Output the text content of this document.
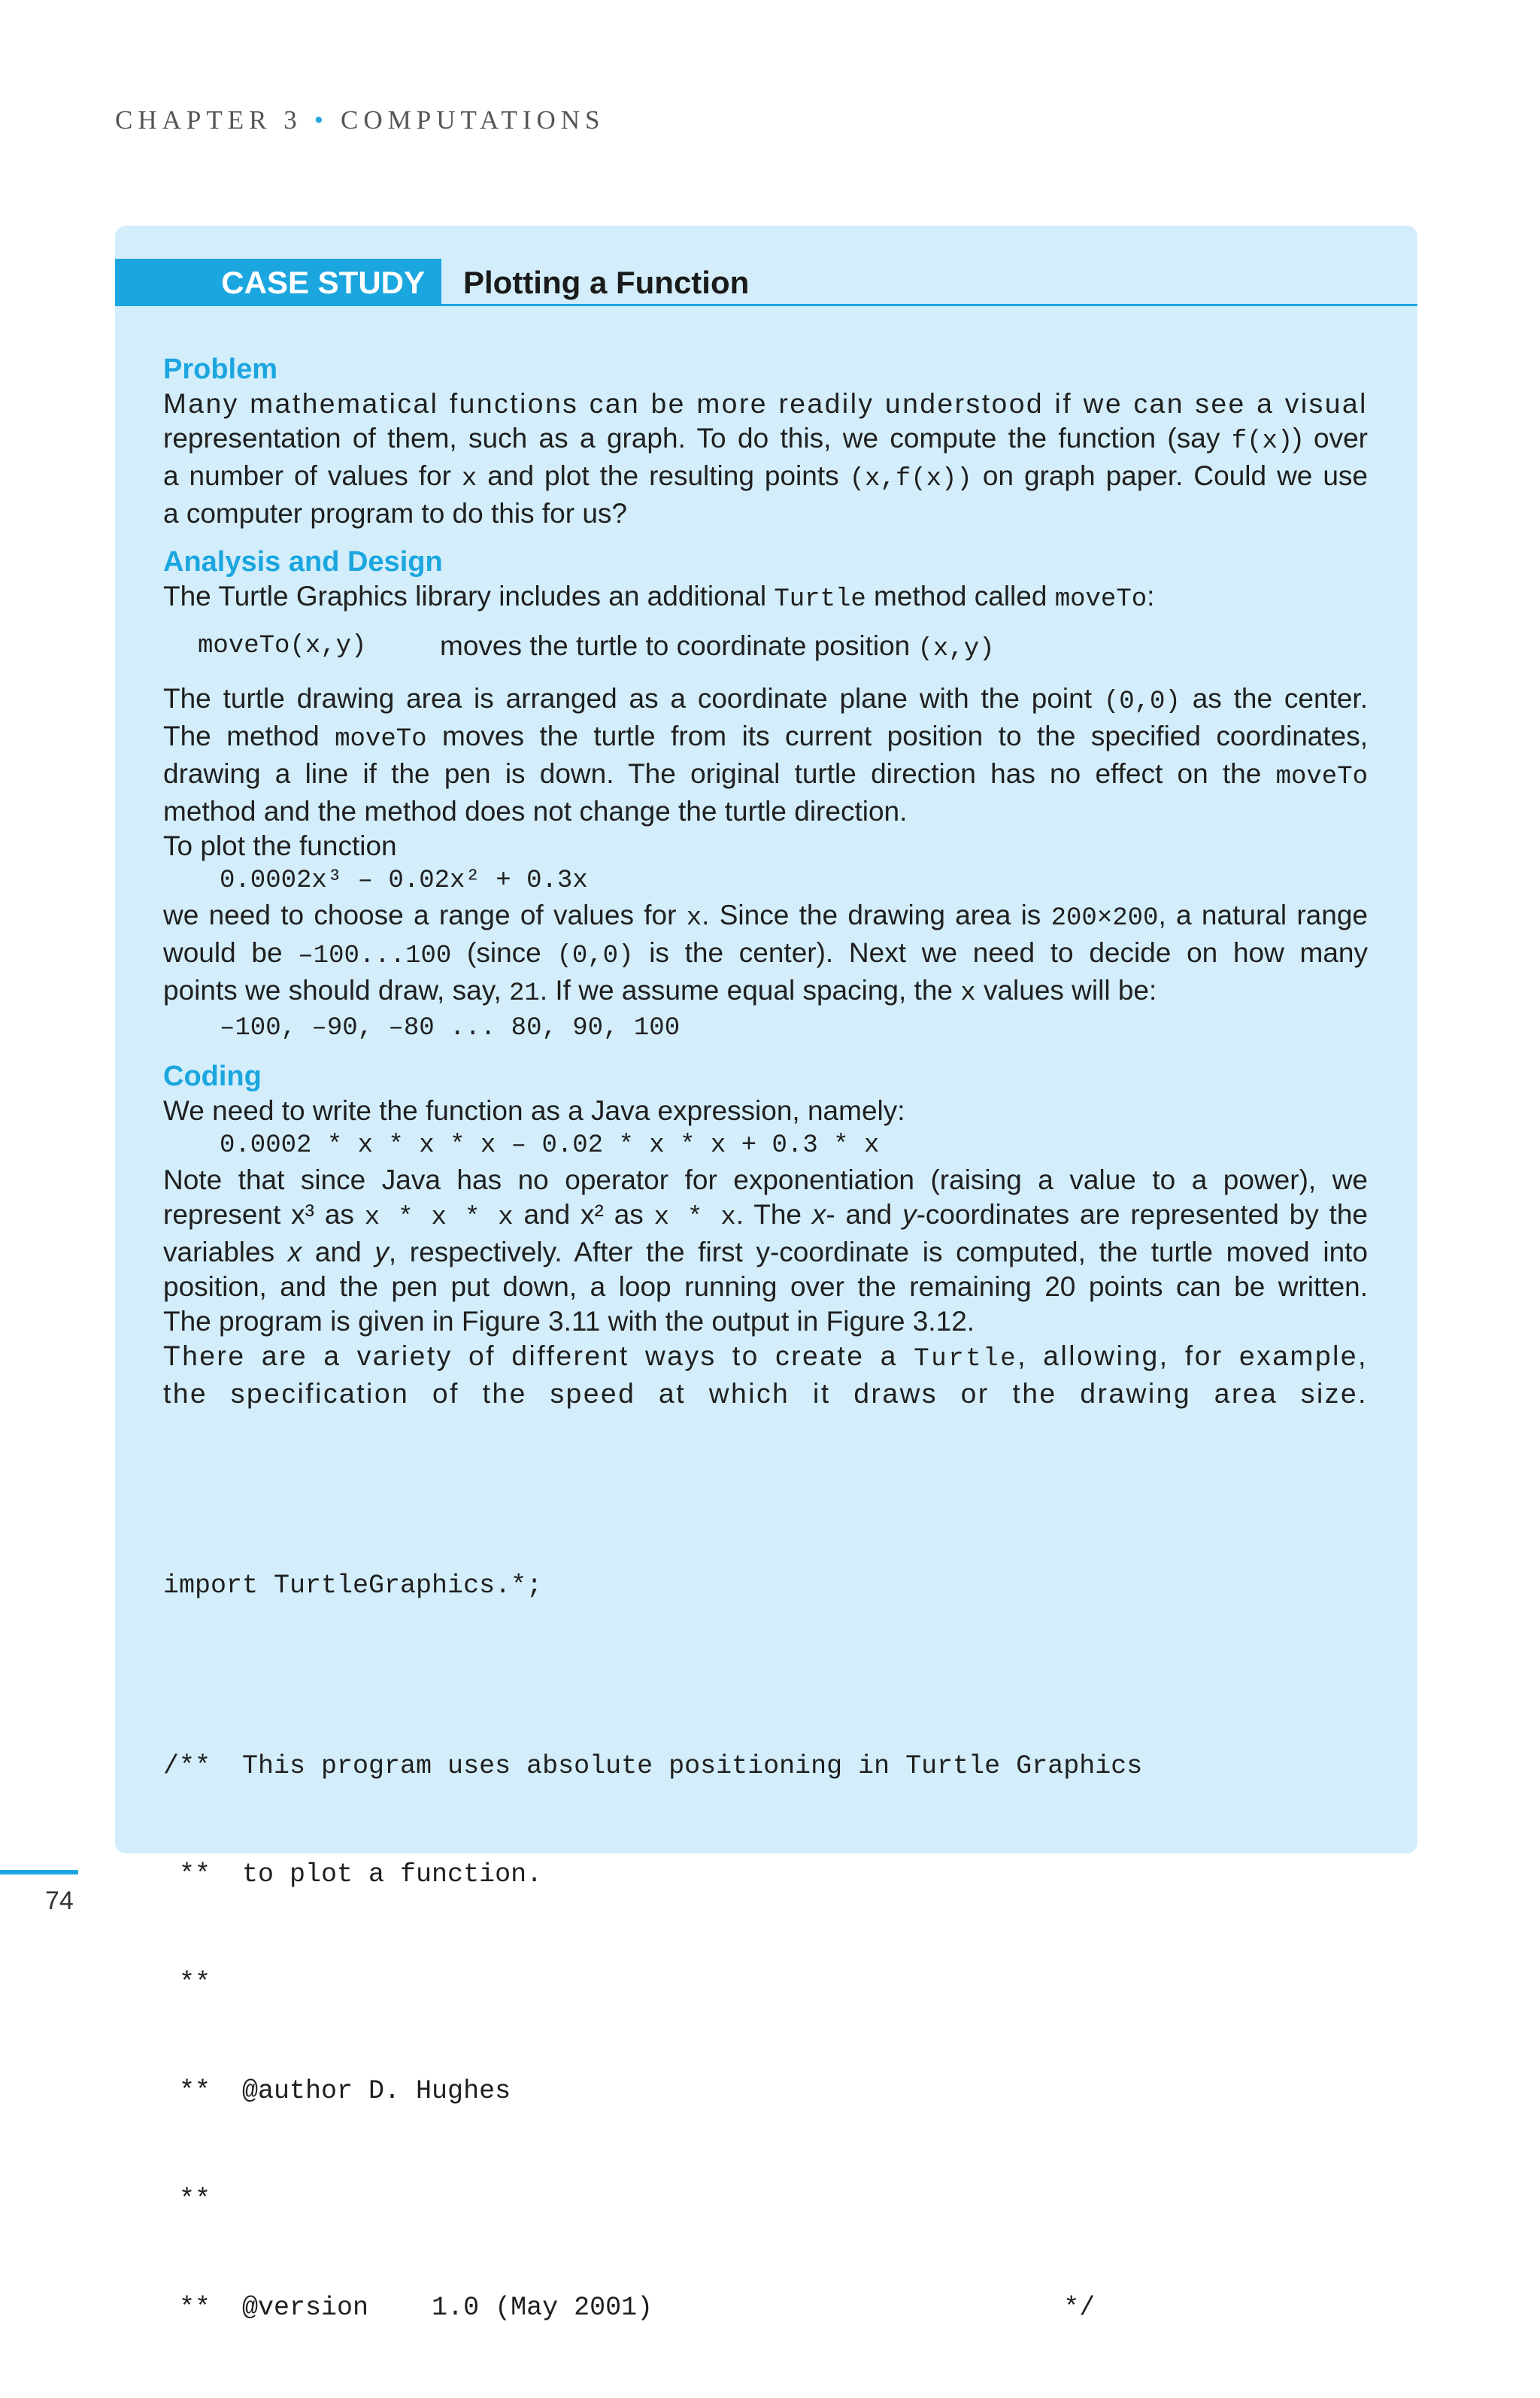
CHAPTER 3 • COMPUTATIONS
CASE STUDY	Plotting a Function
Problem

Many mathematical functions can be more readily understood if we can see a visual

representation of them, such as a graph. To do this, we compute the function (say f(x)) over

a number of values for x and plot the resulting points (x,f(x)) on graph paper. Could we use

a computer program to do this for us?

Analysis and Design

The Turtle Graphics library includes an additional Turtle method called moveTo:

moveTo(x,y)	moves the turtle to coordinate position (x,y)

The turtle drawing area is arranged as a coordinate plane with the point (0,0) as the center.

The method moveTo moves the turtle from its current position to the specified coordinates,

drawing a line if the pen is down. The original turtle direction has no effect on the moveTo

method and the method does not change the turtle direction.

To plot the function

0.0002x³ – 0.02x² + 0.3x

we need to choose a range of values for x. Since the drawing area is 200×200, a natural range

would be –100...100 (since (0,0) is the center). Next we need to decide on how many

points we should draw, say, 21. If we assume equal spacing, the x values will be:

–100, –90, –80 ... 80, 90, 100

Coding

We need to write the function as a Java expression, namely:

0.0002 * x * x * x – 0.02 * x * x + 0.3 * x

Note that since Java has no operator for exponentiation (raising a value to a power), we

represent x³ as x * x * x and x² as x * x. The x- and y-coordinates are represented by the

variables x and y, respectively. After the first y-coordinate is computed, the turtle moved into

position, and the pen put down, a loop running over the remaining 20 points can be written.

The program is given in Figure 3.11 with the output in Figure 3.12.

There are a variety of different ways to create a Turtle, allowing, for example,

the specification of the speed at which it draws or the drawing area size.

import TurtleGraphics.*;

/**  This program uses absolute positioning in Turtle Graphics

**  to plot a function.

**

**  @author D. Hughes

**

**  @version    1.0 (May 2001)                          */

74
